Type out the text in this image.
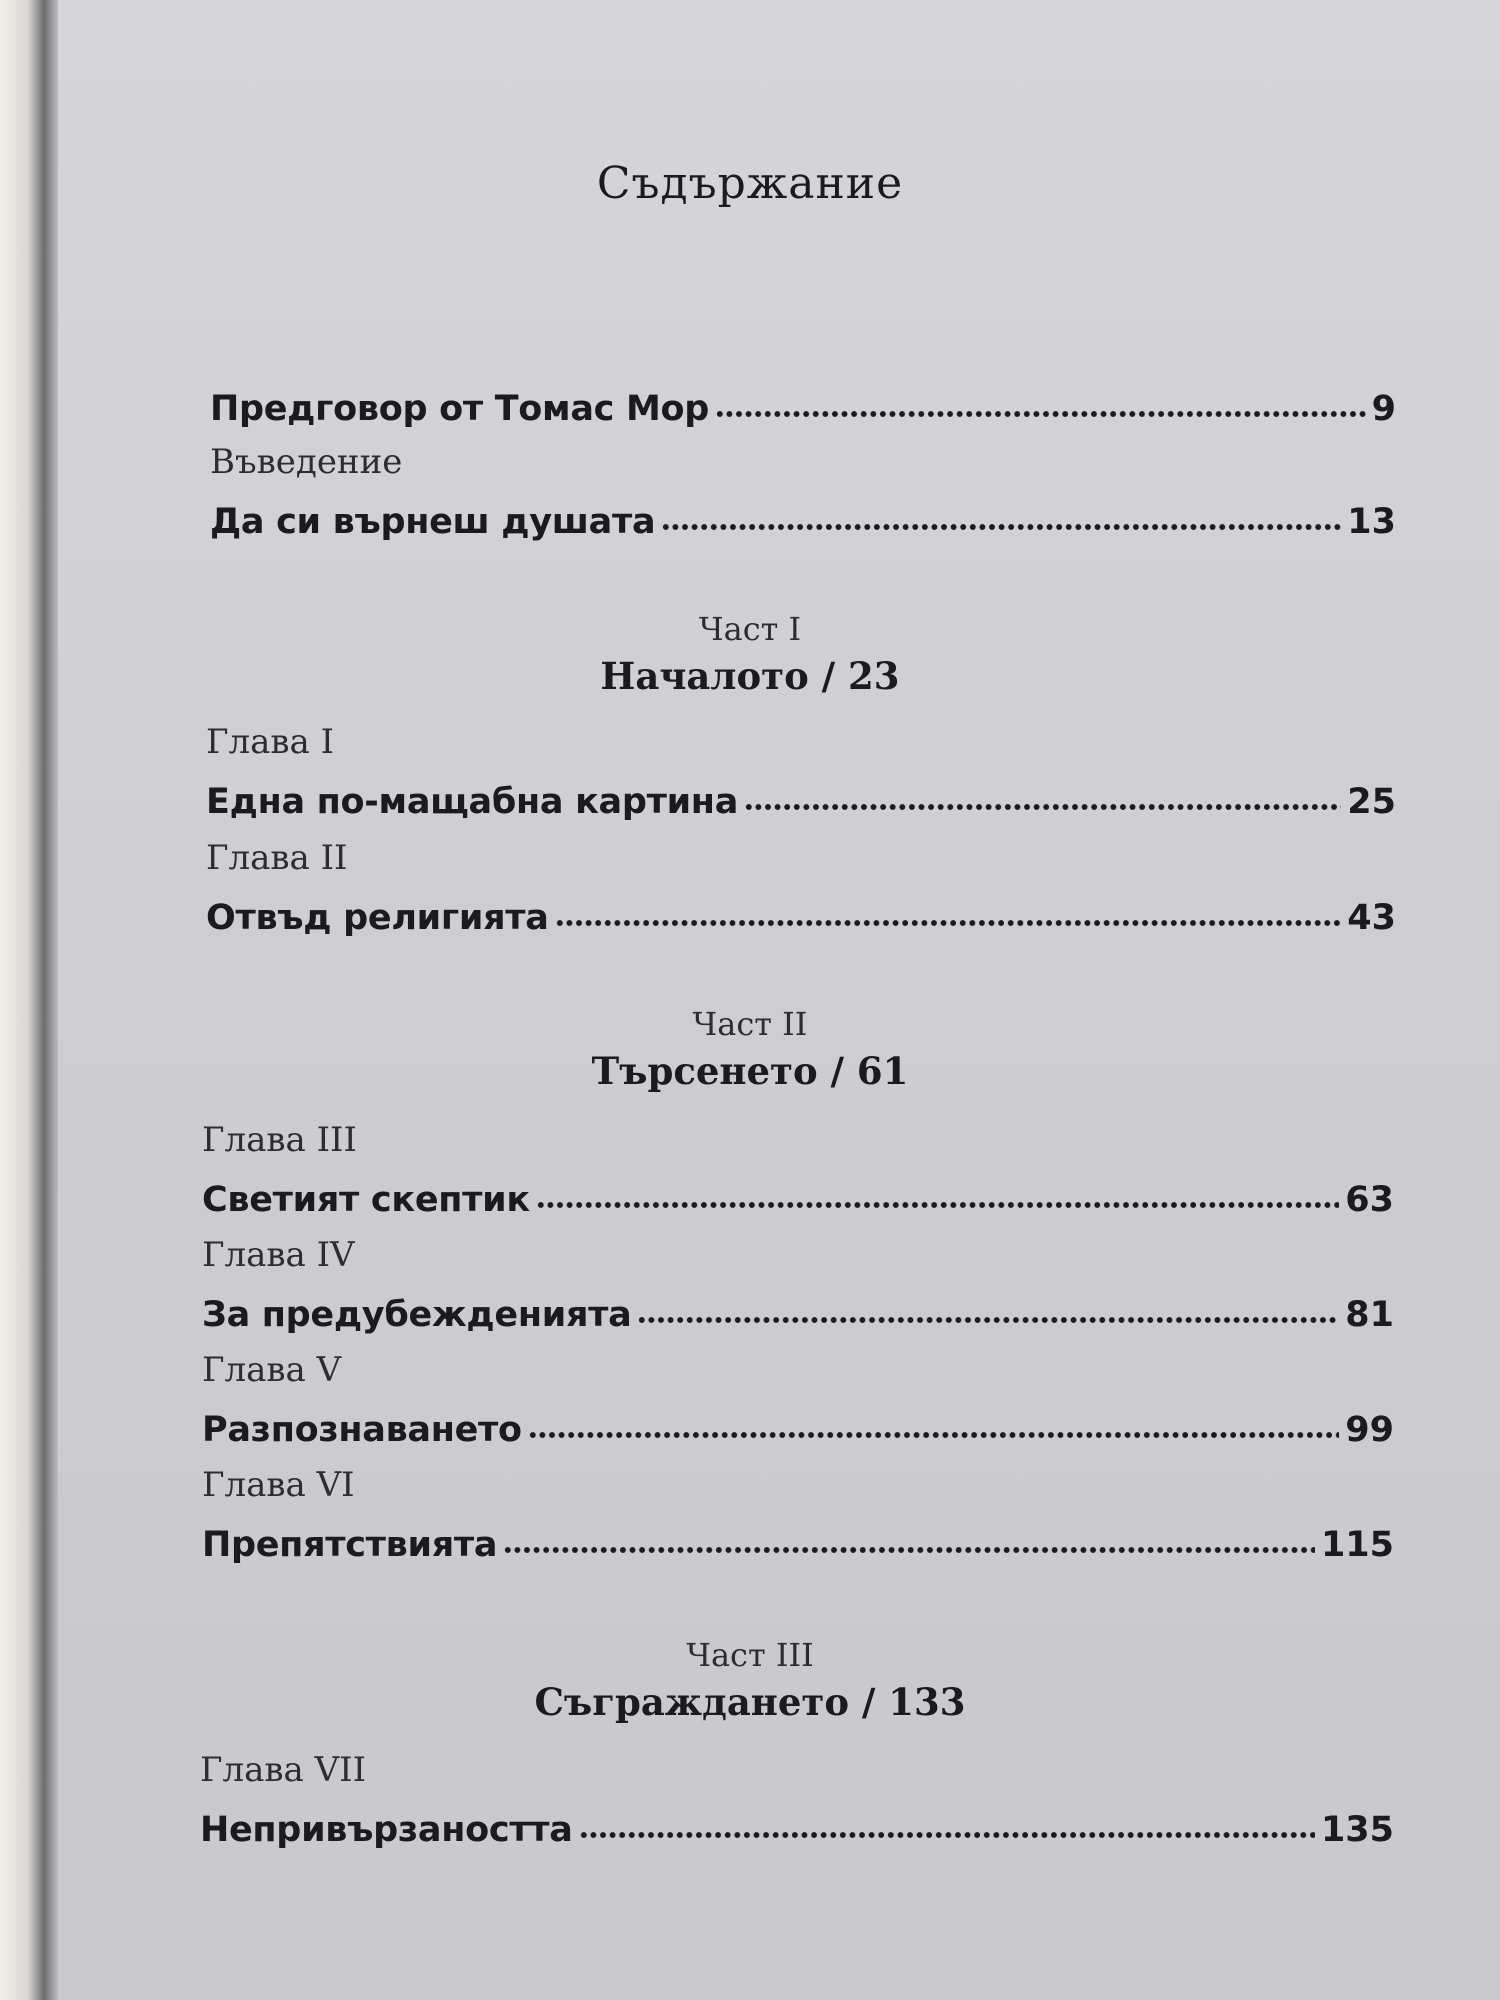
Съдържание
Предговор от Томас Мор	9
Въведение
Да си върнеш душата	13
Част I
Началото / 23
Глава I
Една по-мащабна картина	25
Глава II
Отвъд религията	43
Част II
Търсенето / 61
Глава III
Светият скептик	63
Глава IV
За предубежденията	81
Глава V
Разпознаването	99
Глава VI
Препятствията	115
Част III
Съграждането / 133
Глава VII
Непривързаността	135
